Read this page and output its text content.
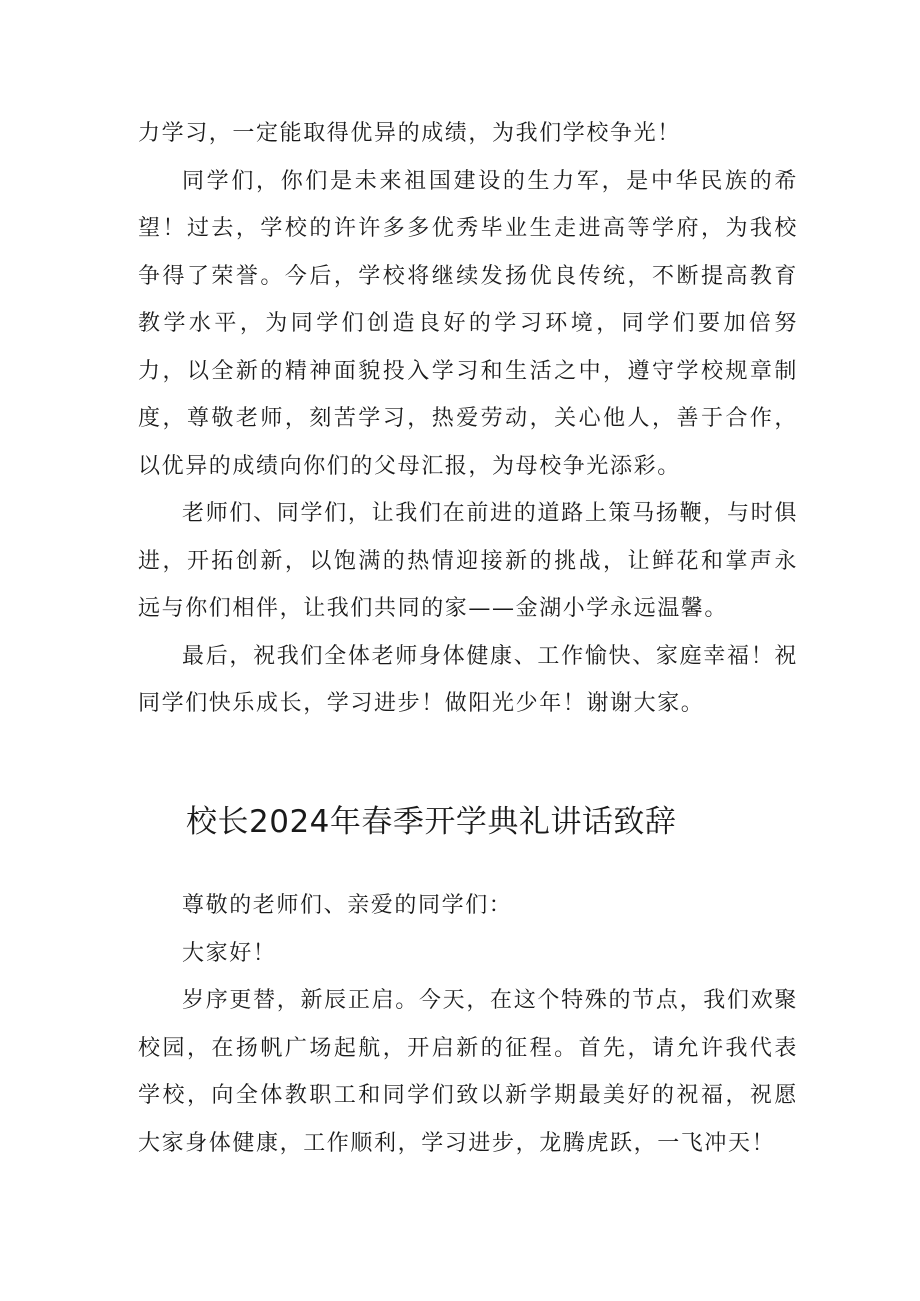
力学习，一定能取得优异的成绩，为我们学校争光！

同学们，你们是未来祖国建设的生力军，是中华民族的希望！过去，学校的许许多多优秀毕业生走进高等学府，为我校争得了荣誉。今后，学校将继续发扬优良传统，不断提高教育教学水平，为同学们创造良好的学习环境，同学们要加倍努力，以全新的精神面貌投入学习和生活之中，遵守学校规章制度，尊敬老师，刻苦学习，热爱劳动，关心他人，善于合作，以优异的成绩向你们的父母汇报，为母校争光添彩。

老师们、同学们，让我们在前进的道路上策马扬鞭，与时俱进，开拓创新，以饱满的热情迎接新的挑战，让鲜花和掌声永远与你们相伴，让我们共同的家——金湖小学永远温馨。

最后，祝我们全体老师身体健康、工作愉快、家庭幸福！祝同学们快乐成长，学习进步！做阳光少年！谢谢大家。

校长2024年春季开学典礼讲话致辞

尊敬的老师们、亲爱的同学们：

大家好！

岁序更替，新辰正启。今天，在这个特殊的节点，我们欢聚校园，在扬帆广场起航，开启新的征程。首先，请允许我代表学校，向全体教职工和同学们致以新学期最美好的祝福，祝愿大家身体健康，工作顺利，学习进步，龙腾虎跃，一飞冲天！
